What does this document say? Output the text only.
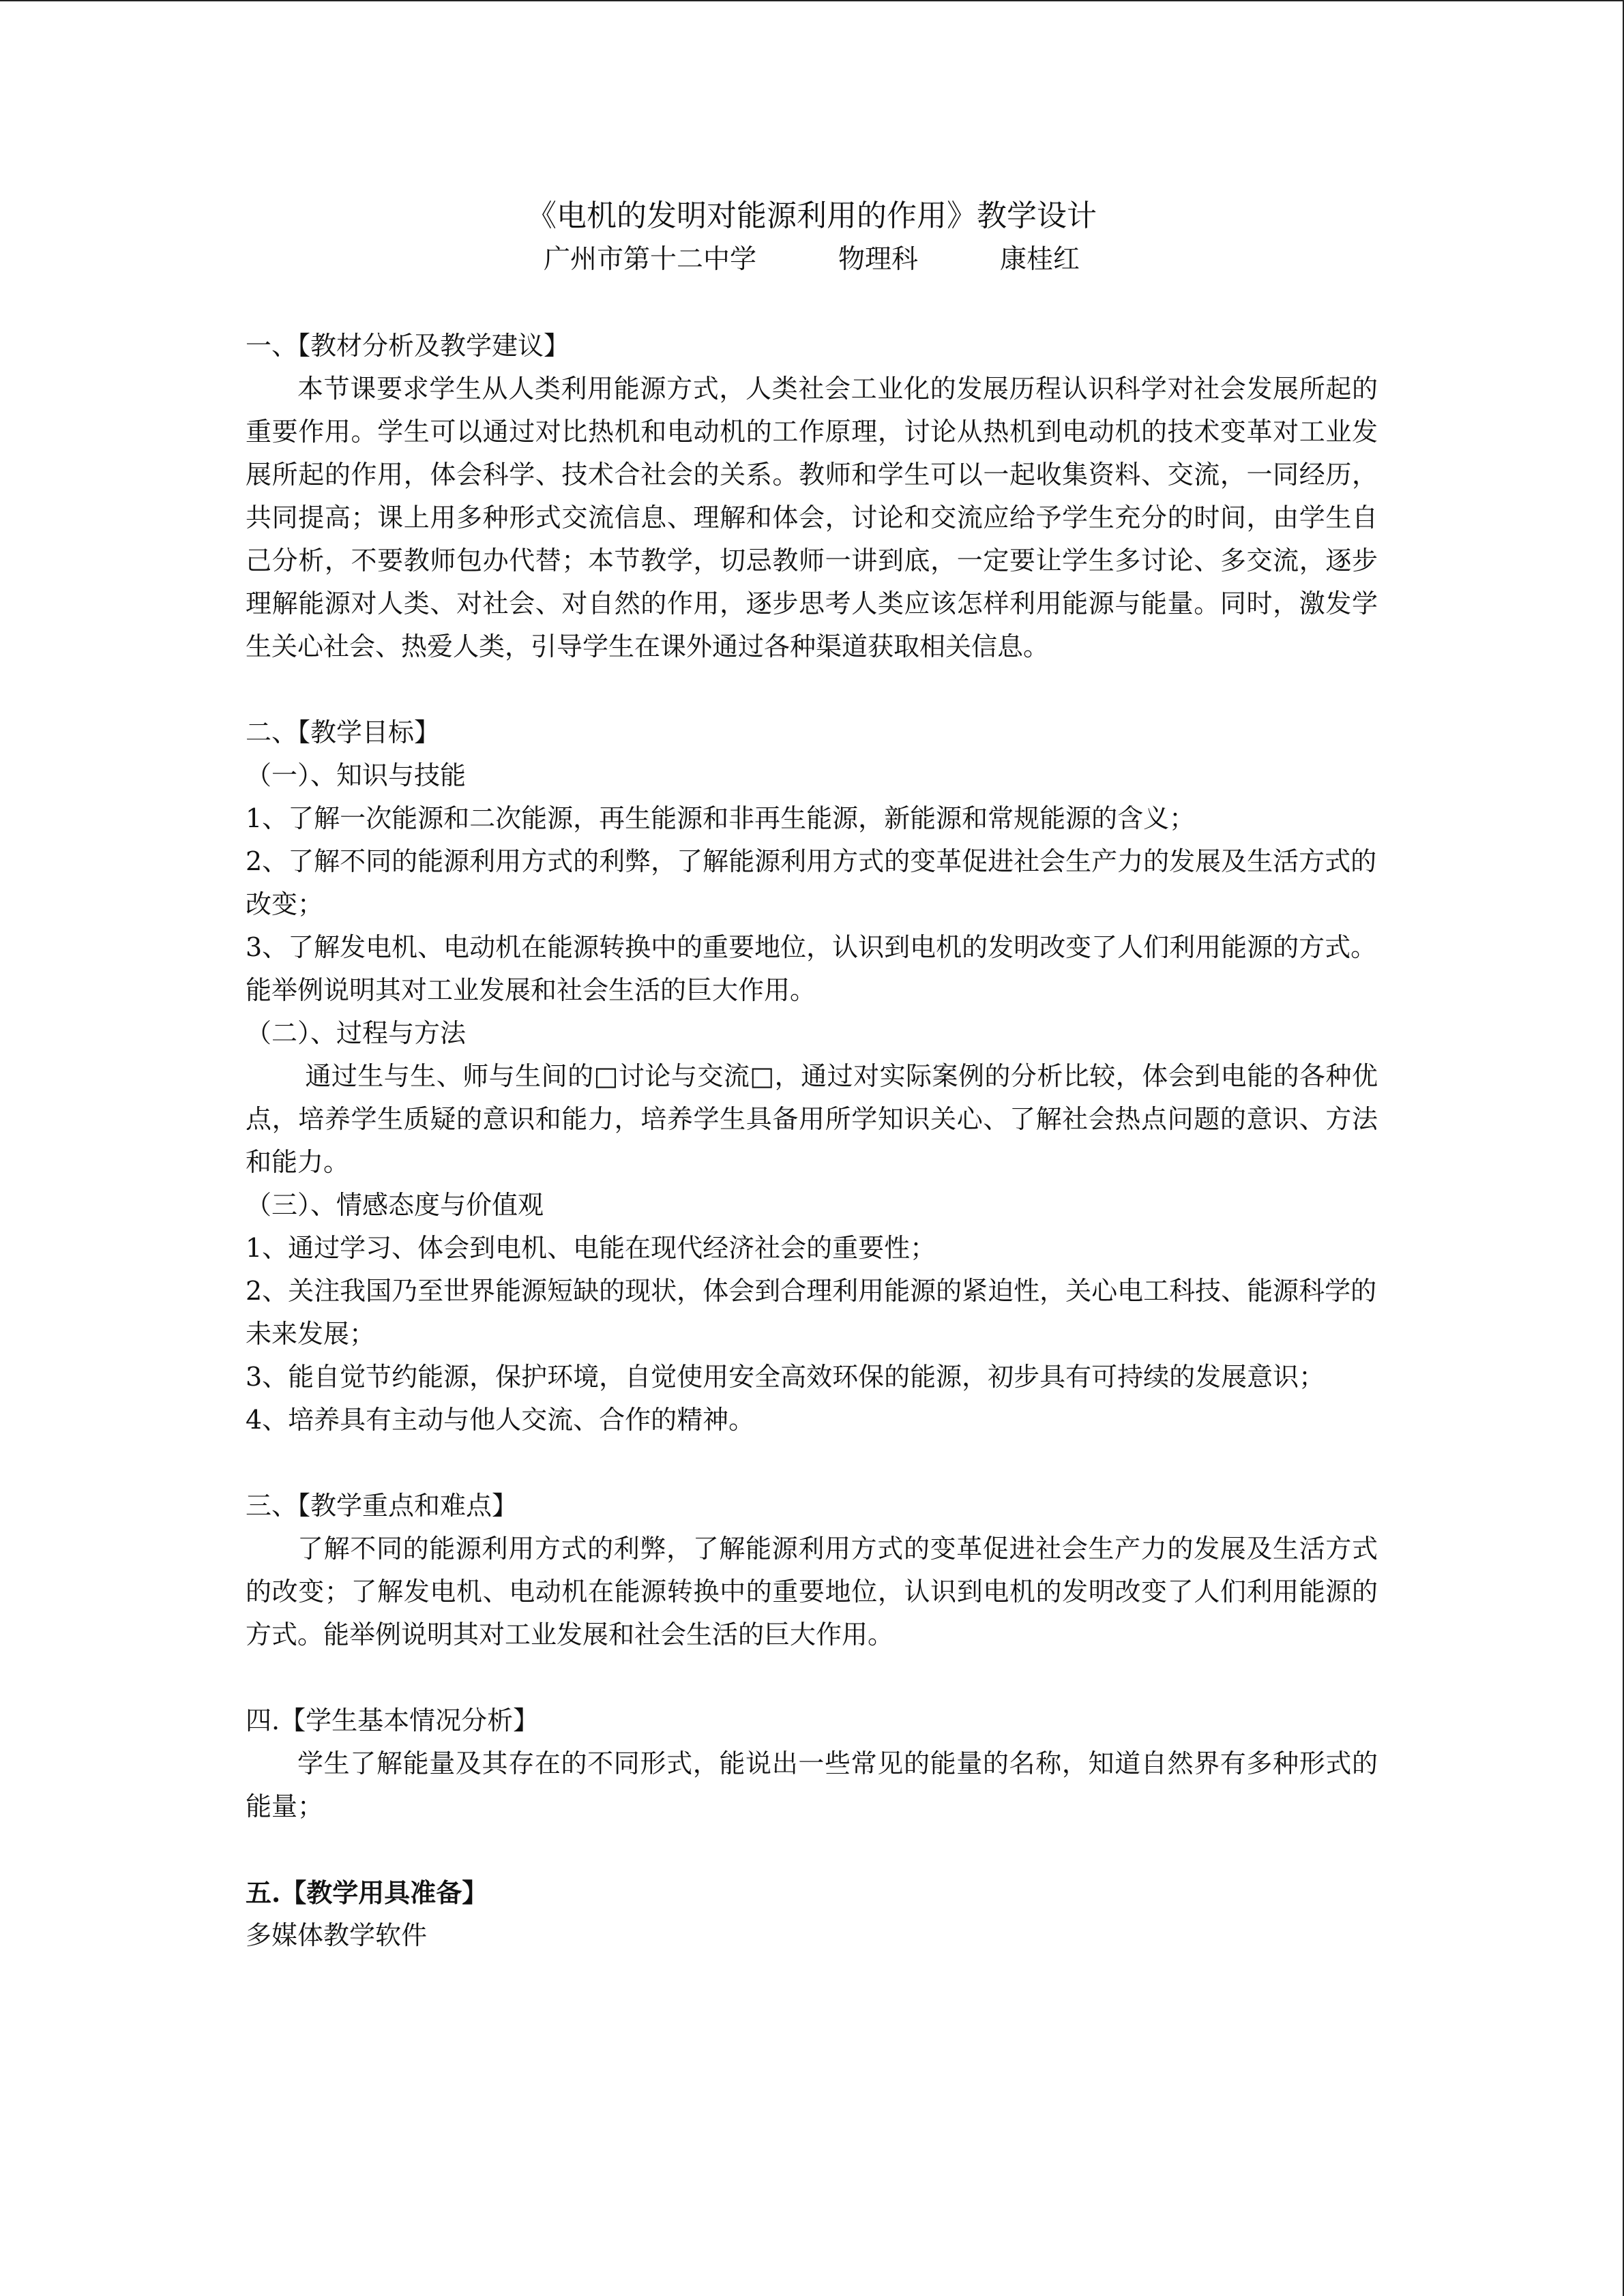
《电机的发明对能源利用的作用》教学设计
广州市第十二中学	物理科	康桂红
一、【教材分析及教学建议】

本节课要求学生从人类利用能源方式，人类社会工业化的发展历程认识科学对社会发展所起的重要作用。学生可以通过对比热机和电动机的工作原理，讨论从热机到电动机的技术变革对工业发展所起的作用，体会科学、技术合社会的关系。教师和学生可以一起收集资料、交流，一同经历，共同提高；课上用多种形式交流信息、理解和体会，讨论和交流应给予学生充分的时间，由学生自己分析，不要教师包办代替；本节教学，切忌教师一讲到底，一定要让学生多讨论、多交流，逐步理解能源对人类、对社会、对自然的作用，逐步思考人类应该怎样利用能源与能量。同时，激发学生关心社会、热爱人类，引导学生在课外通过各种渠道获取相关信息。

二、【教学目标】
（一）、知识与技能

1、了解一次能源和二次能源，再生能源和非再生能源，新能源和常规能源的含义；

2、了解不同的能源利用方式的利弊，了解能源利用方式的变革促进社会生产力的发展及生活方式的改变；

3、了解发电机、电动机在能源转换中的重要地位，认识到电机的发明改变了人们利用能源的方式。能举例说明其对工业发展和社会生活的巨大作用。

（二）、过程与方法

通过生与生、师与生间的□讨论与交流□，通过对实际案例的分析比较，体会到电能的各种优点，培养学生质疑的意识和能力，培养学生具备用所学知识关心、了解社会热点问题的意识、方法和能力。

（三）、情感态度与价值观

1、通过学习、体会到电机、电能在现代经济社会的重要性；

2、关注我国乃至世界能源短缺的现状，体会到合理利用能源的紧迫性，关心电工科技、能源科学的未来发展；

3、能自觉节约能源，保护环境，自觉使用安全高效环保的能源，初步具有可持续的发展意识；

4、培养具有主动与他人交流、合作的精神。

三、【教学重点和难点】

了解不同的能源利用方式的利弊，了解能源利用方式的变革促进社会生产力的发展及生活方式的改变；了解发电机、电动机在能源转换中的重要地位，认识到电机的发明改变了人们利用能源的方式。能举例说明其对工业发展和社会生活的巨大作用。

四.【学生基本情况分析】

学生了解能量及其存在的不同形式，能说出一些常见的能量的名称，知道自然界有多种形式的能量；

五.【教学用具准备】

多媒体教学软件
